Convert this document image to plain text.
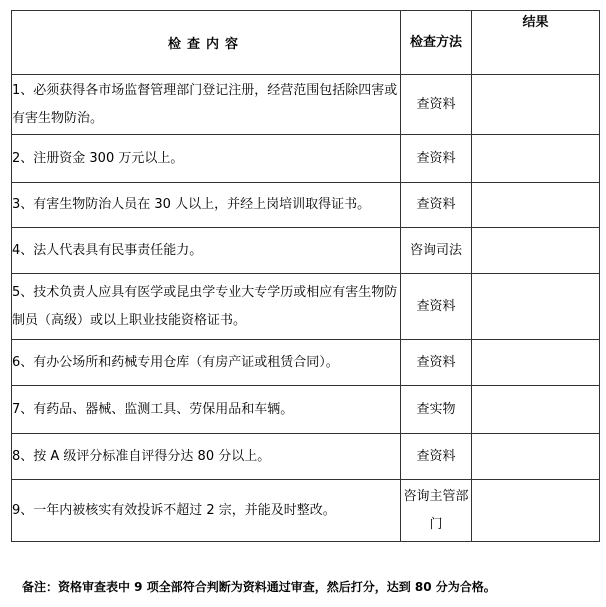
检查内容	检查方法	结果
1、必须获得各市场监督管理部门登记注册，经营范围包括除四害或有害生物防治。	查资料	
2、注册资金 300 万元以上。	查资料	
3、有害生物防治人员在 30 人以上，并经上岗培训取得证书。	查资料	
4、法人代表具有民事责任能力。	咨询司法	
5、技术负责人应具有医学或昆虫学专业大专学历或相应有害生物防制员（高级）或以上职业技能资格证书。	查资料	
6、有办公场所和药械专用仓库（有房产证或租赁合同）。	查资料	
7、有药品、器械、监测工具、劳保用品和车辆。	查实物	
8、按 A 级评分标准自评得分达 80 分以上。	查资料	
9、一年内被核实有效投诉不超过 2 宗，并能及时整改。	咨询主管部门	
备注：资格审查表中 9 项全部符合判断为资料通过审查，然后打分，达到 80 分为合格。
